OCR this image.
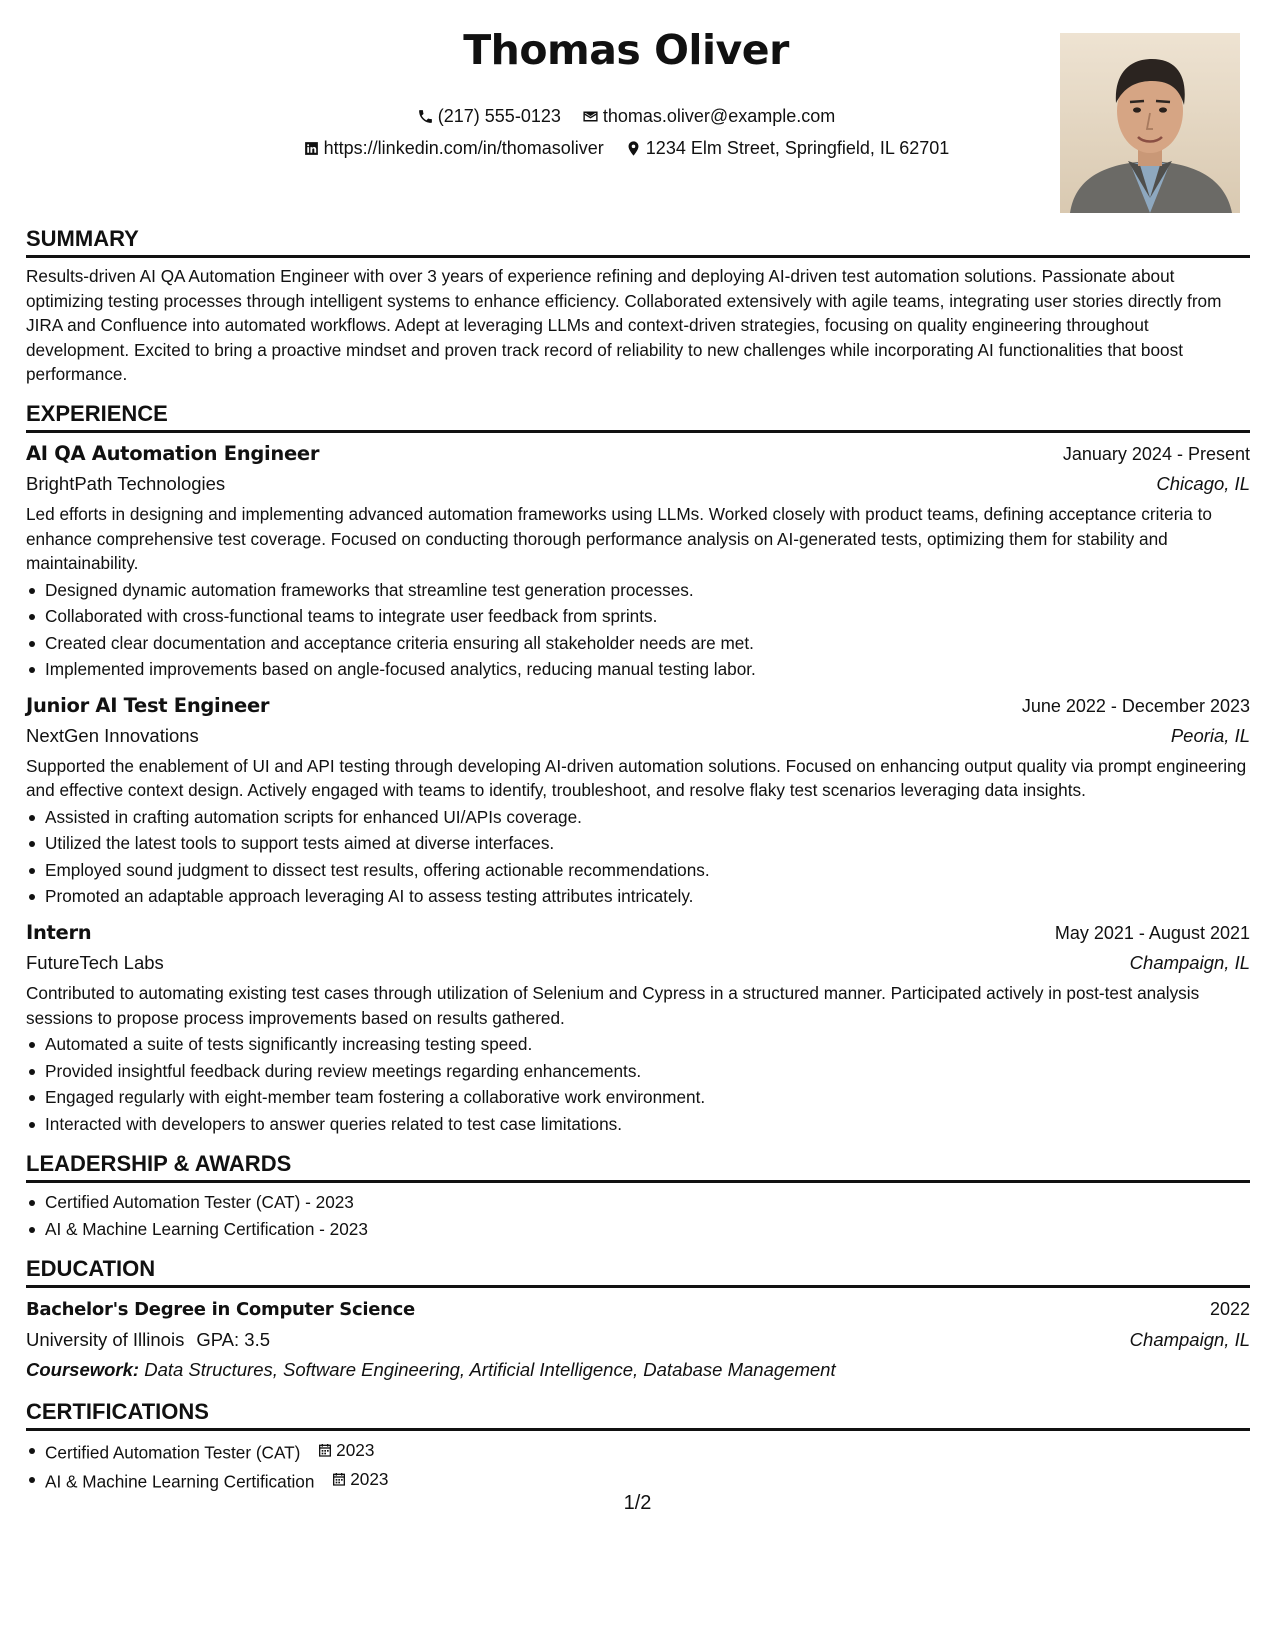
Thomas Oliver
(217) 555-0123
thomas.oliver@example.com
https://linkedin.com/in/thomasoliver
1234 Elm Street, Springfield, IL 62701
SUMMARY
Results-driven AI QA Automation Engineer with over 3 years of experience refining and deploying AI-driven test automation solutions. Passionate about optimizing testing processes through intelligent systems to enhance efficiency. Collaborated extensively with agile teams, integrating user stories directly from JIRA and Confluence into automated workflows. Adept at leveraging LLMs and context-driven strategies, focusing on quality engineering throughout development. Excited to bring a proactive mindset and proven track record of reliability to new challenges while incorporating AI functionalities that boost performance.
EXPERIENCE
AI QA Automation Engineer	January 2024 - Present
BrightPath Technologies	Chicago, IL
Led efforts in designing and implementing advanced automation frameworks using LLMs. Worked closely with product teams, defining acceptance criteria to enhance comprehensive test coverage. Focused on conducting thorough performance analysis on AI-generated tests, optimizing them for stability and maintainability.
Designed dynamic automation frameworks that streamline test generation processes.
Collaborated with cross-functional teams to integrate user feedback from sprints.
Created clear documentation and acceptance criteria ensuring all stakeholder needs are met.
Implemented improvements based on angle-focused analytics, reducing manual testing labor.
Junior AI Test Engineer	June 2022 - December 2023
NextGen Innovations	Peoria, IL
Supported the enablement of UI and API testing through developing AI-driven automation solutions. Focused on enhancing output quality via prompt engineering and effective context design. Actively engaged with teams to identify, troubleshoot, and resolve flaky test scenarios leveraging data insights.
Assisted in crafting automation scripts for enhanced UI/APIs coverage.
Utilized the latest tools to support tests aimed at diverse interfaces.
Employed sound judgment to dissect test results, offering actionable recommendations.
Promoted an adaptable approach leveraging AI to assess testing attributes intricately.
Intern	May 2021 - August 2021
FutureTech Labs	Champaign, IL
Contributed to automating existing test cases through utilization of Selenium and Cypress in a structured manner. Participated actively in post-test analysis sessions to propose process improvements based on results gathered.
Automated a suite of tests significantly increasing testing speed.
Provided insightful feedback during review meetings regarding enhancements.
Engaged regularly with eight-member team fostering a collaborative work environment.
Interacted with developers to answer queries related to test case limitations.
LEADERSHIP & AWARDS
Certified Automation Tester (CAT) - 2023
AI & Machine Learning Certification - 2023
EDUCATION
Bachelor's Degree in Computer Science	2022
University of Illinois GPA: 3.5	Champaign, IL
Coursework: Data Structures, Software Engineering, Artificial Intelligence, Database Management
CERTIFICATIONS
Certified Automation Tester (CAT) 2023
AI & Machine Learning Certification 2023
1/2
